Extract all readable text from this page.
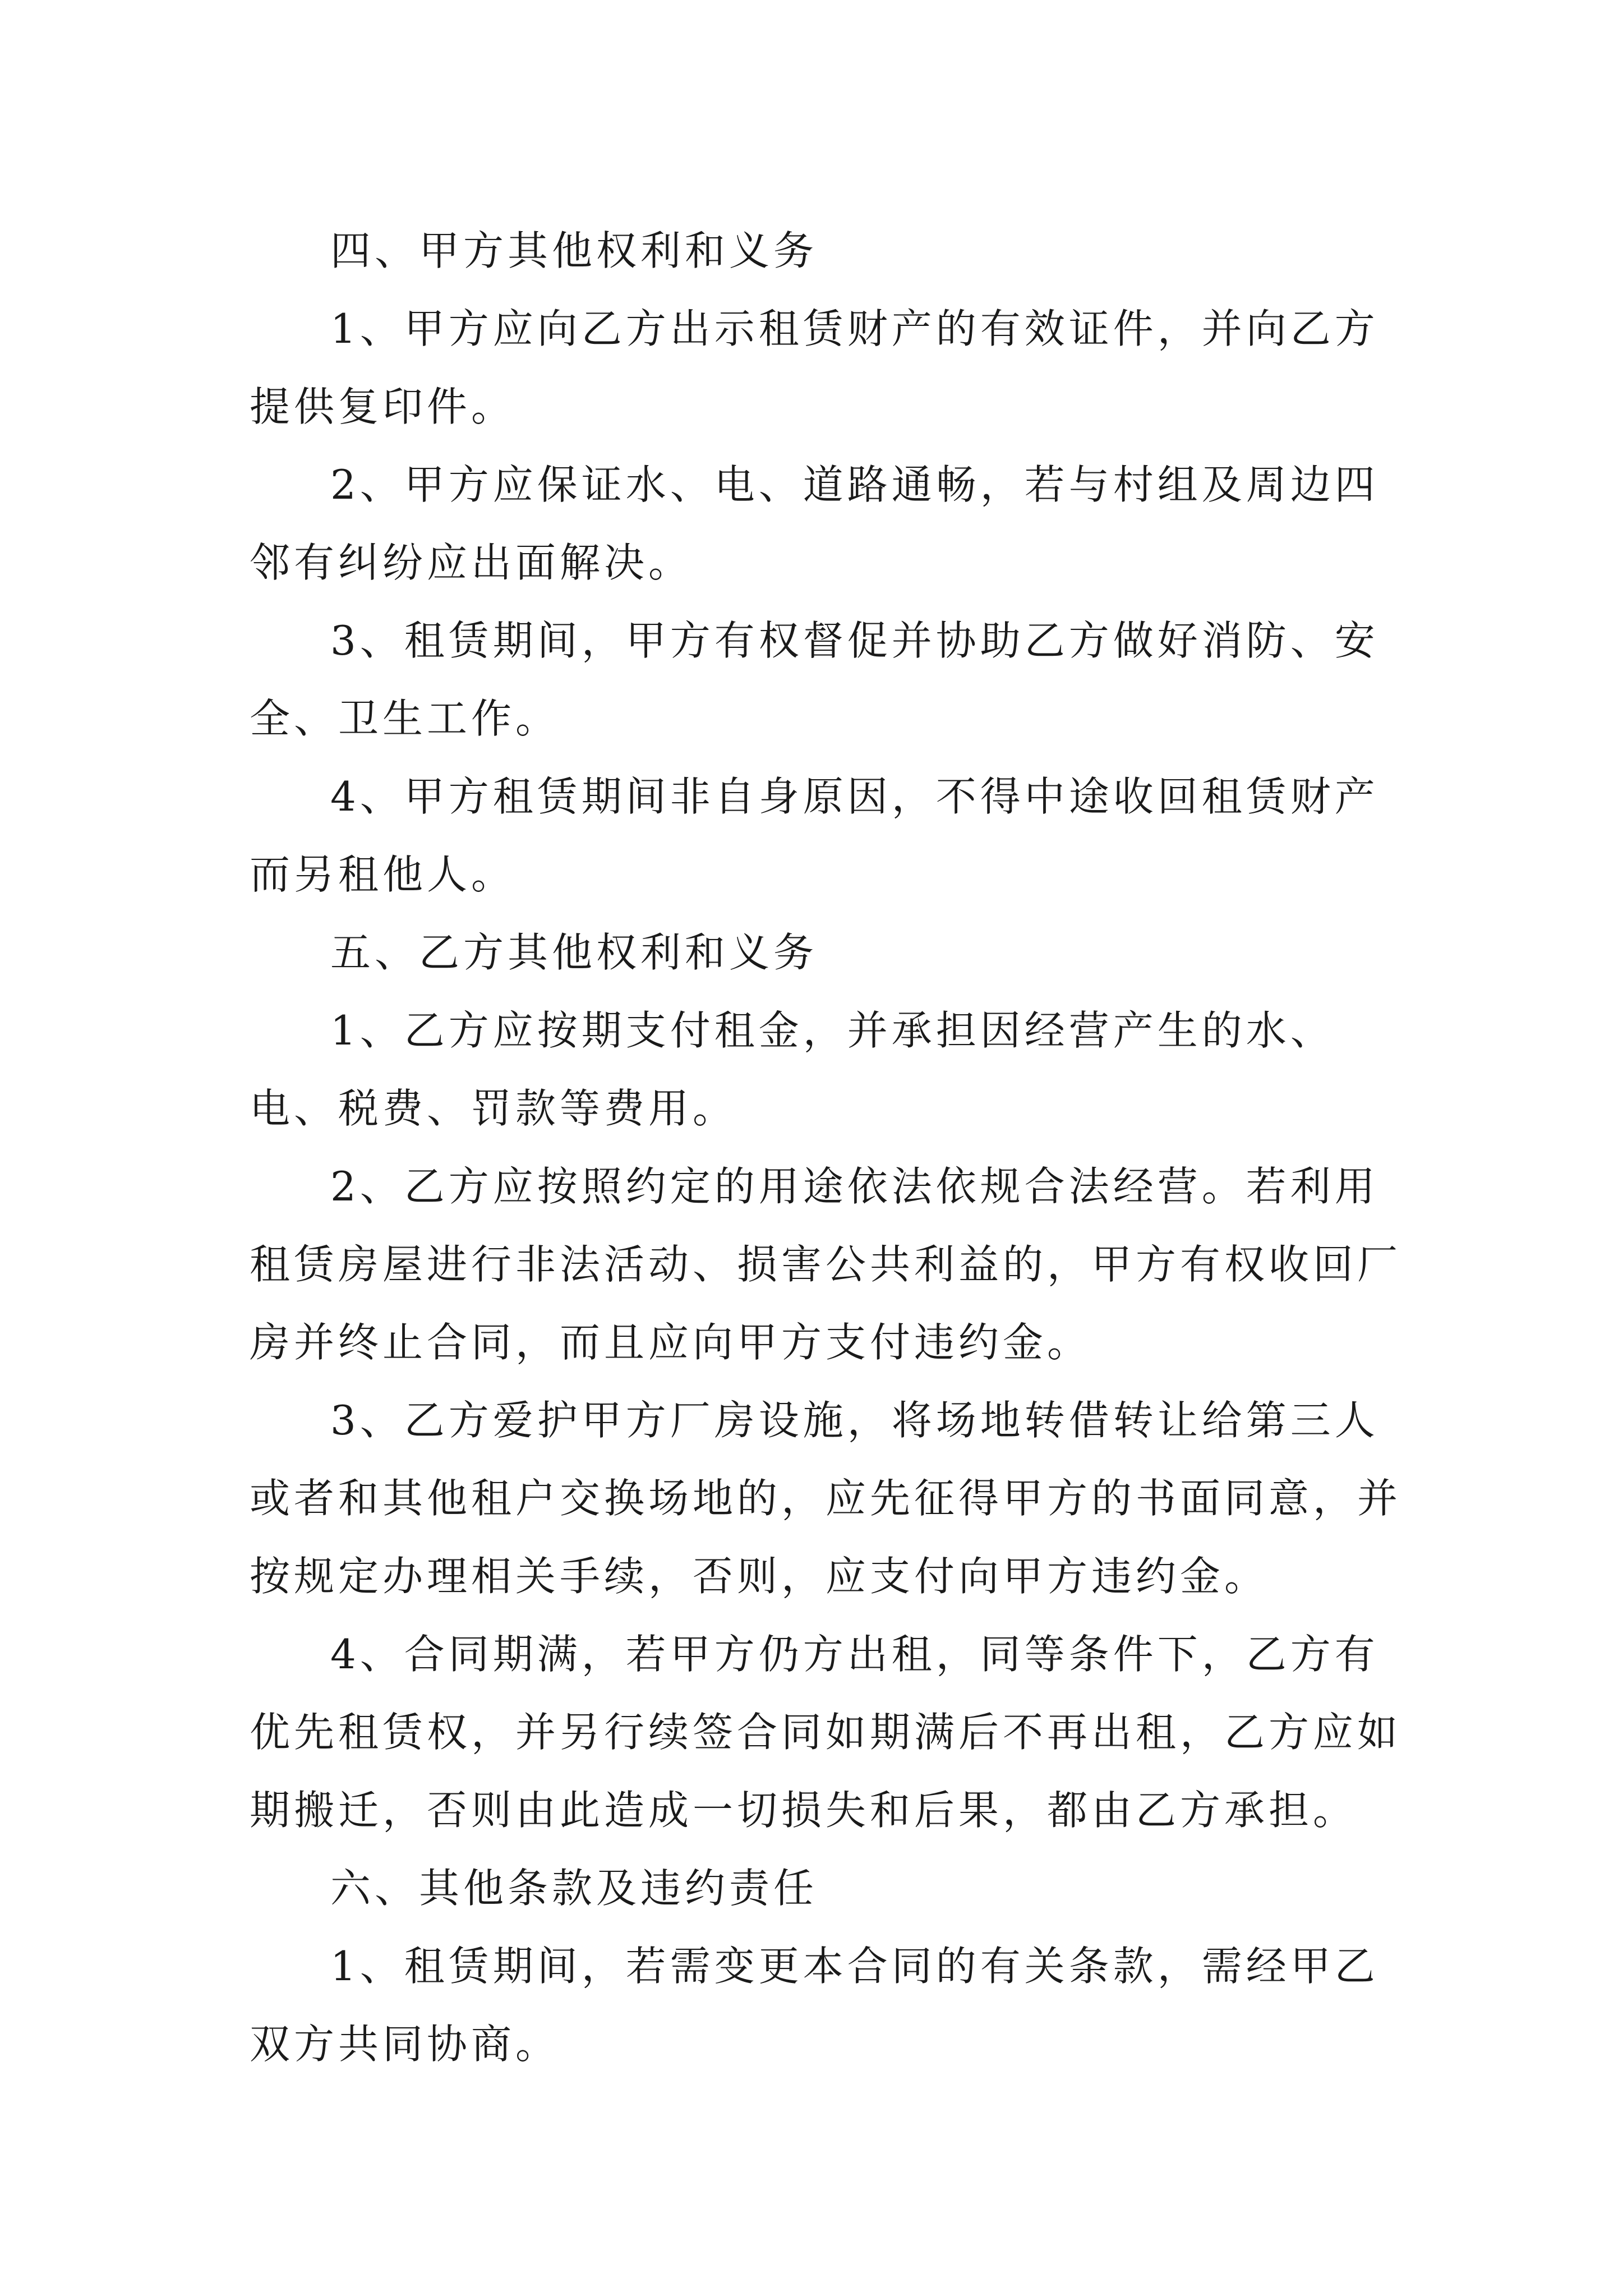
四、甲方其他权利和义务

1、甲方应向乙方出示租赁财产的有效证件，并向乙方提供复印件。

2、甲方应保证水、电、道路通畅，若与村组及周边四邻有纠纷应出面解决。

3、租赁期间，甲方有权督促并协助乙方做好消防、安全、卫生工作。

4、甲方租赁期间非自身原因，不得中途收回租赁财产而另租他人。

五、乙方其他权利和义务

1、乙方应按期支付租金，并承担因经营产生的水、电、税费、罚款等费用。

2、乙方应按照约定的用途依法依规合法经营。若利用租赁房屋进行非法活动、损害公共利益的，甲方有权收回厂房并终止合同，而且应向甲方支付违约金。

3、乙方爱护甲方厂房设施，将场地转借转让给第三人或者和其他租户交换场地的，应先征得甲方的书面同意，并按规定办理相关手续，否则，应支付向甲方违约金。

4、合同期满，若甲方仍方出租，同等条件下，乙方有优先租赁权，并另行续签合同如期满后不再出租，乙方应如期搬迁，否则由此造成一切损失和后果，都由乙方承担。

六、其他条款及违约责任

1、租赁期间，若需变更本合同的有关条款，需经甲乙双方共同协商。
